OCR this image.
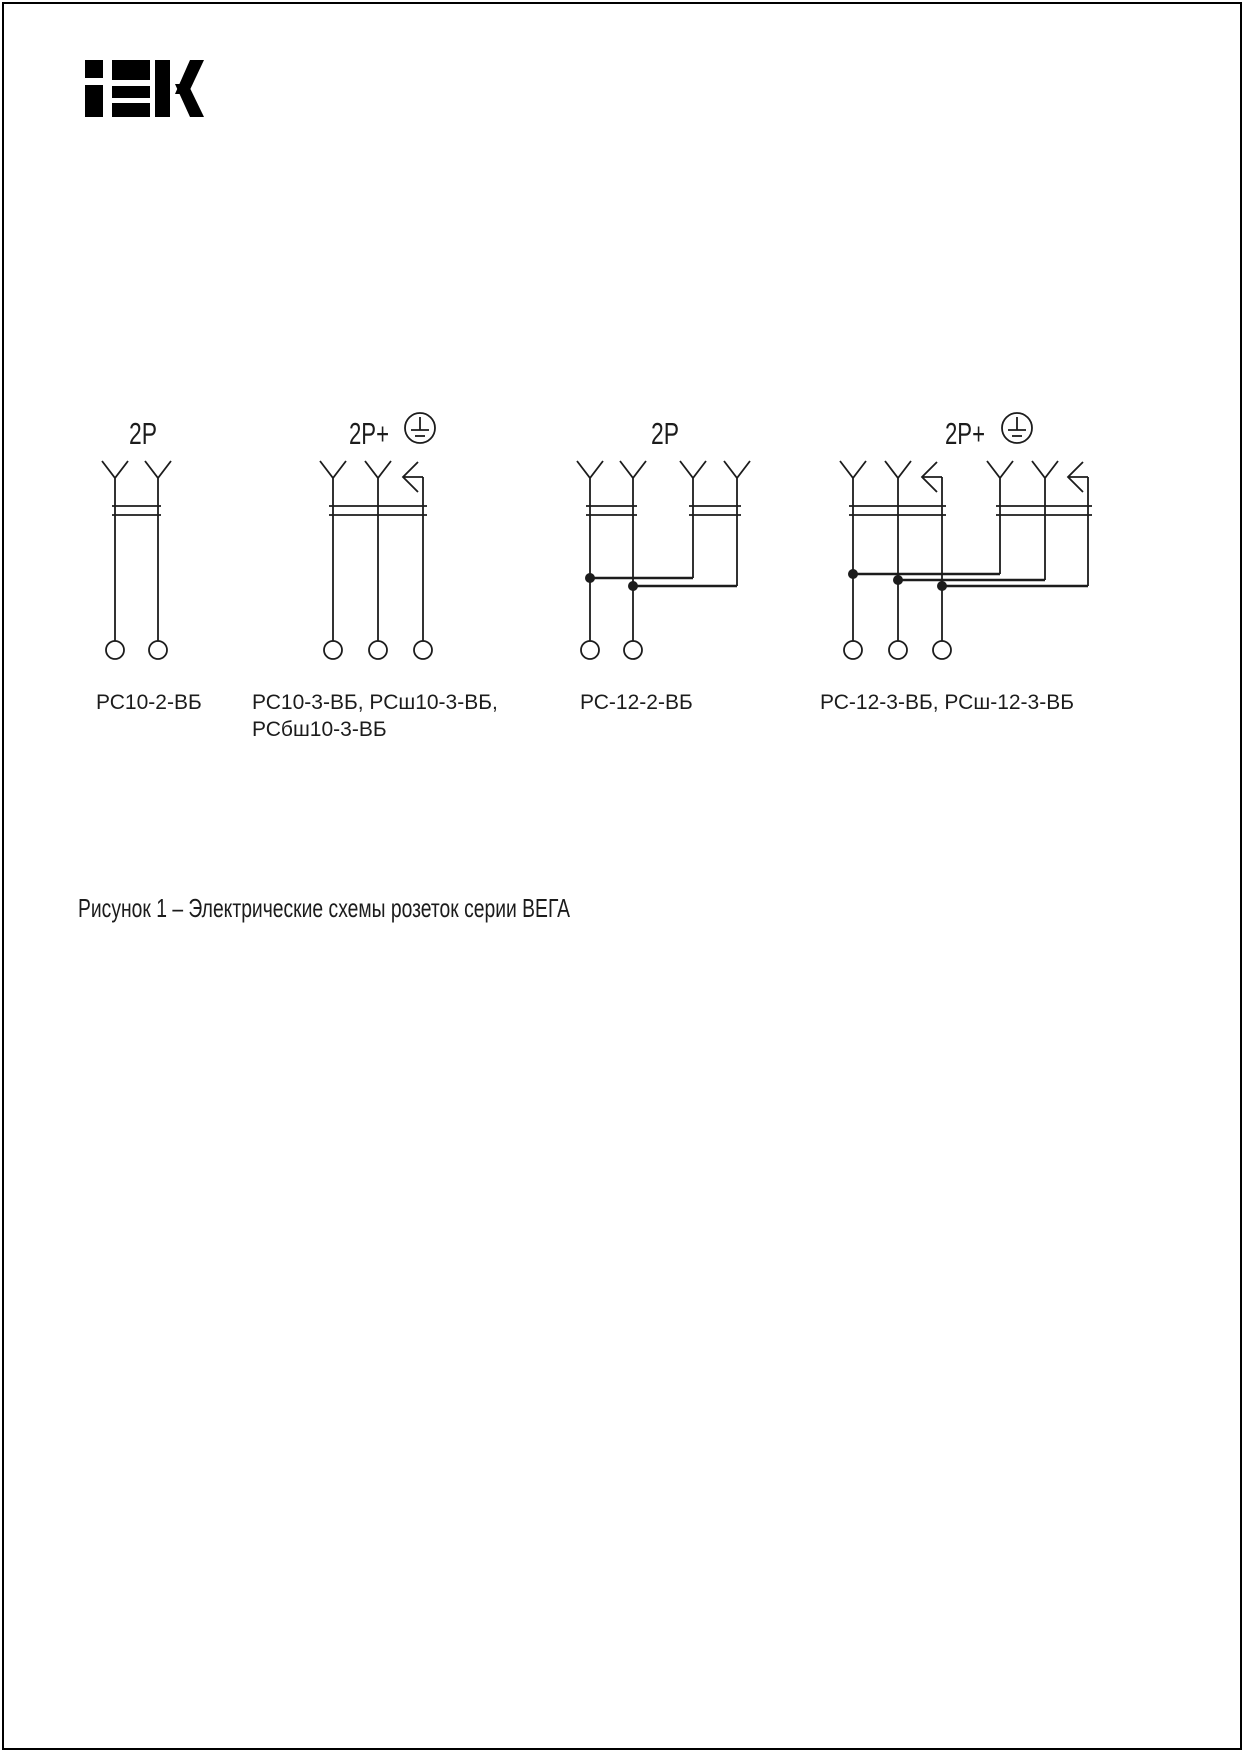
2P
РС10-2-ВБ
2P+
РС10-3-ВБ, РСш10-3-ВБ,
РСбш10-3-ВБ
2P
РС-12-2-ВБ
2P+
РС-12-3-ВБ, РСш-12-3-ВБ
Рисунок 1 – Электрические схемы розеток серии ВЕГА
